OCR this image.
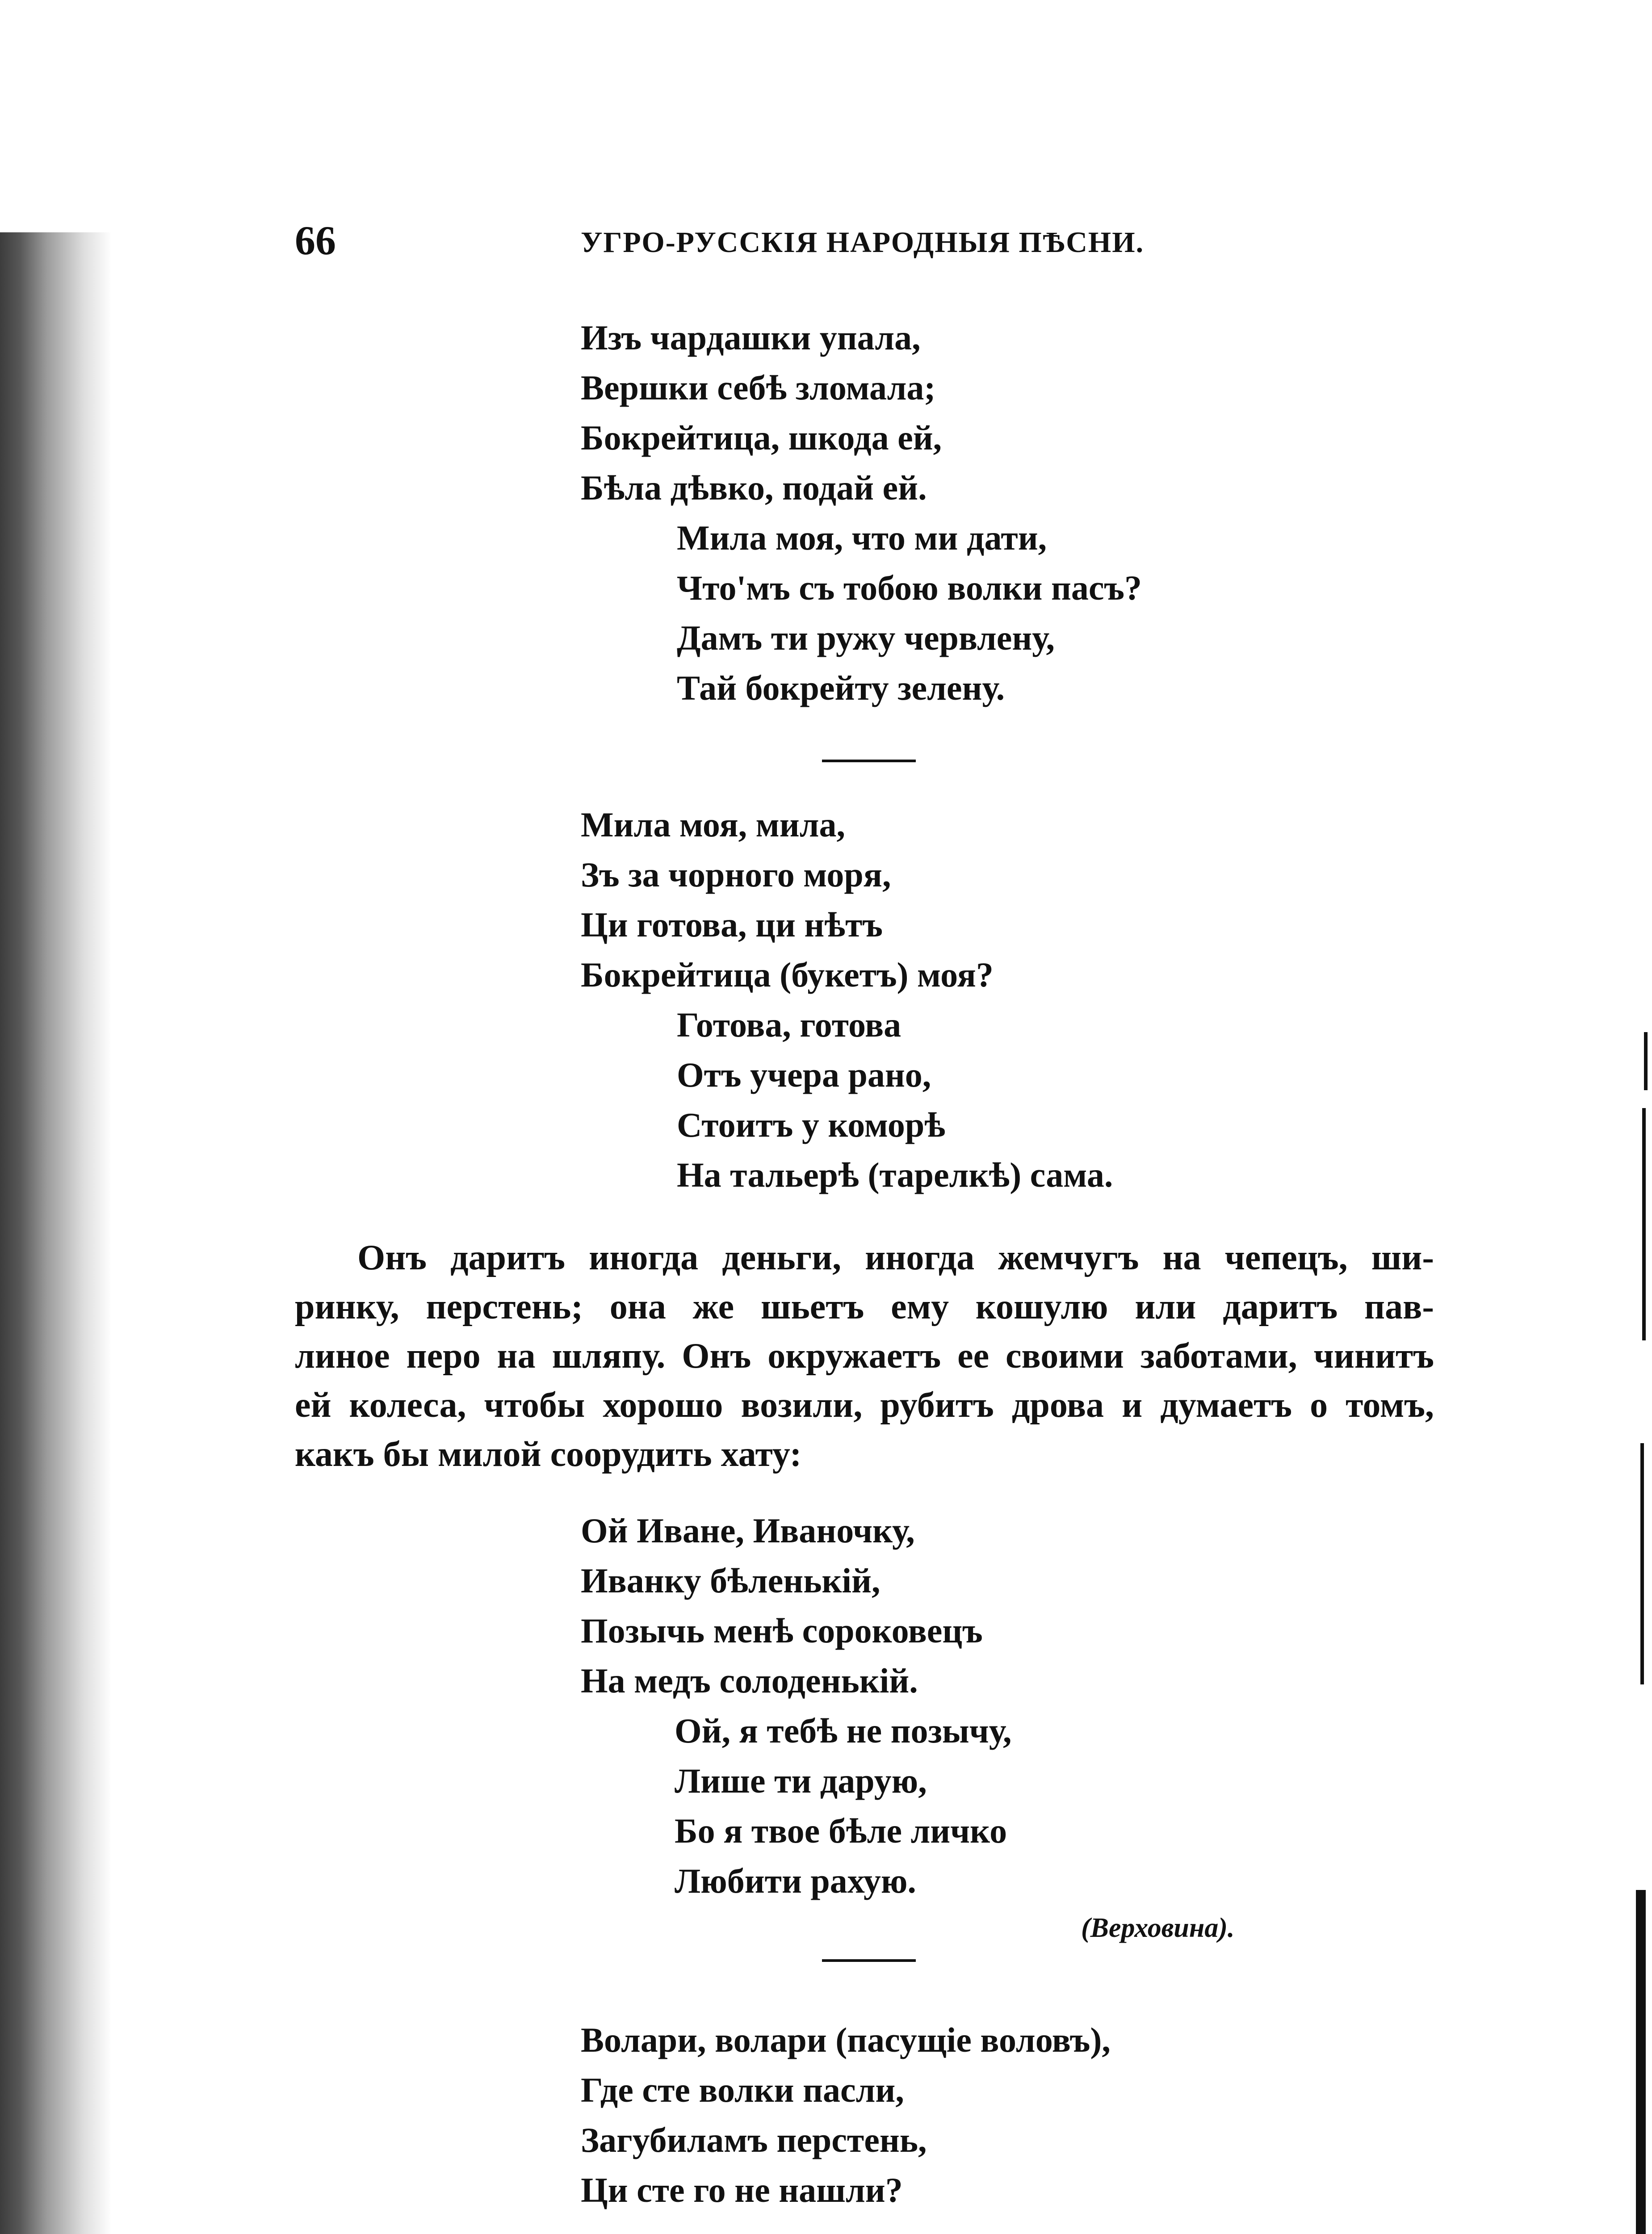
66	УГРО-РУССКІЯ НАРОДНЫЯ ПѢСНИ.
Изъ чардашки упала,
Вершки себѣ зломала;
Бокрейтица, шкода ей,
Бѣла дѣвко, подай ей.
Мила моя, что ми дати,
Что'мъ съ тобою волки пасъ?
Дамъ ти ружу червлену,
Тай бокрейту зелену.
Мила моя, мила,
Зъ за чорного моря,
Ци готова, ци нѣтъ
Бокрейтица (букетъ) моя?
Готова, готова
Отъ учера рано,
Стоитъ у коморѣ
На тальерѣ (тарелкѣ) сама.
Онъ даритъ иногда деньги, иногда жемчугъ на чепецъ, ши-
ринку, перстень; она же шьетъ ему кошулю или даритъ пав-
линое перо на шляпу. Онъ окружаетъ ее своими заботами, чинитъ
ей колеса, чтобы хорошо возили, рубитъ дрова и думаетъ о томъ,
какъ бы милой соорудить хату:
Ой Иване, Иваночку,
Иванку бѣленькій,
Позычь менѣ сороковецъ
На медъ солоденькій.
Ой, я тебѣ не позычу,
Лише ти дарую,
Бо я твое бѣле личко
Любити рахую.
(Верховина).
Волари, волари (пасущіе воловъ),
Где сте волки пасли,
Загубиламъ перстень,
Ци сте го не нашли?
